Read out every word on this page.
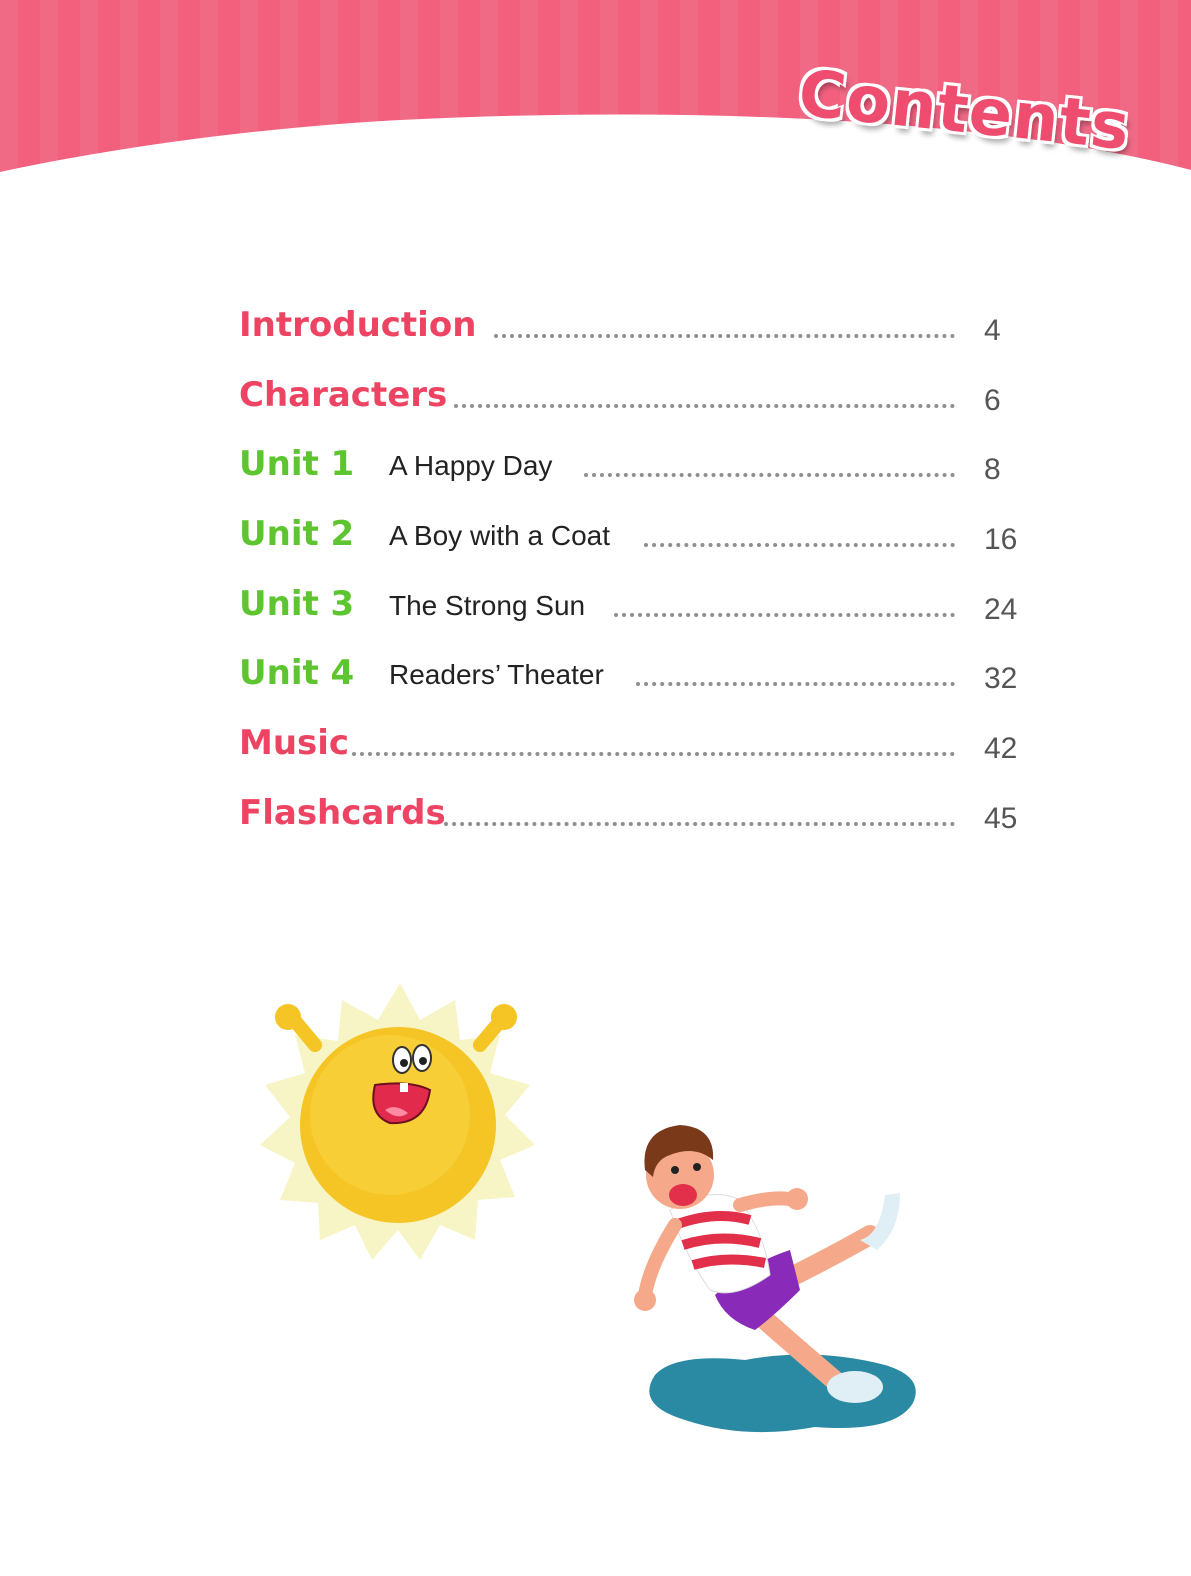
Contents
Introduction	4
Characters	6
Unit 1 A Happy Day	8
Unit 2 A Boy with a Coat	16
Unit 3 The Strong Sun	24
Unit 4 Readers’ Theater	32
Music	42
Flashcards	45
